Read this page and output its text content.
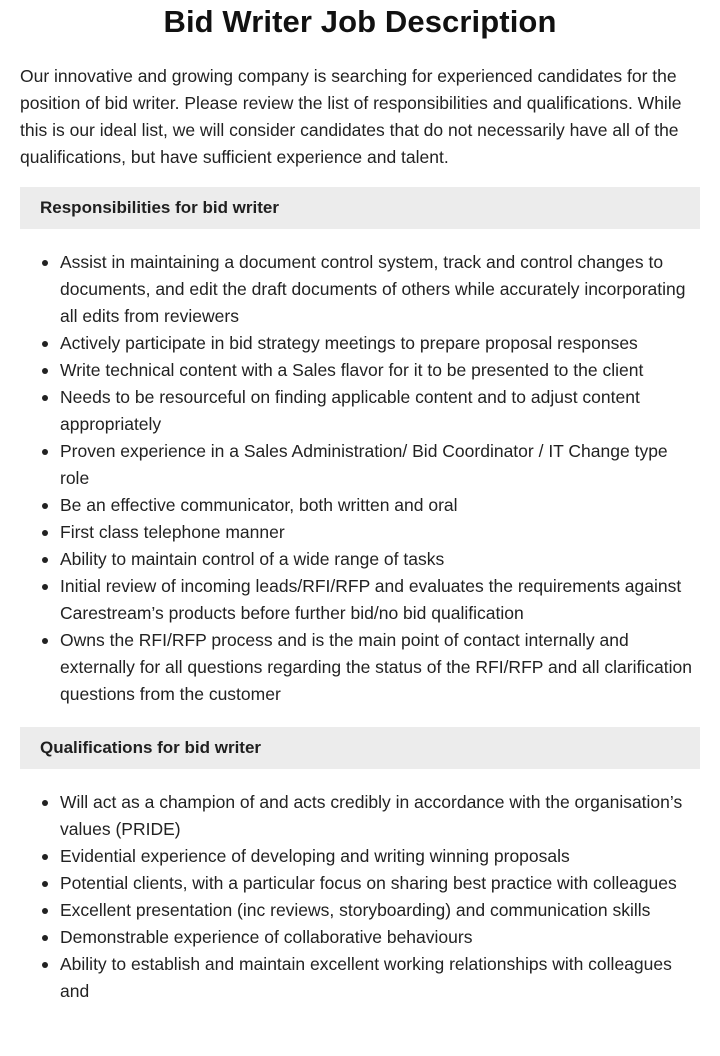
Bid Writer Job Description

Our innovative and growing company is searching for experienced candidates for the position of bid writer. Please review the list of responsibilities and qualifications. While this is our ideal list, we will consider candidates that do not necessarily have all of the qualifications, but have sufficient experience and talent.

Responsibilities for bid writer
Assist in maintaining a document control system, track and control changes to documents, and edit the draft documents of others while accurately incorporating all edits from reviewers
Actively participate in bid strategy meetings to prepare proposal responses
Write technical content with a Sales flavor for it to be presented to the client
Needs to be resourceful on finding applicable content and to adjust content appropriately
Proven experience in a Sales Administration/ Bid Coordinator / IT Change type role
Be an effective communicator, both written and oral
First class telephone manner
Ability to maintain control of a wide range of tasks
Initial review of incoming leads/RFI/RFP and evaluates the requirements against Carestream’s products before further bid/no bid qualification
Owns the RFI/RFP process and is the main point of contact internally and externally for all questions regarding the status of the RFI/RFP and all clarification questions from the customer
Qualifications for bid writer
Will act as a champion of and acts credibly in accordance with the organisation’s values (PRIDE)
Evidential experience of developing and writing winning proposals
Potential clients, with a particular focus on sharing best practice with colleagues
Excellent presentation (inc reviews, storyboarding) and communication skills
Demonstrable experience of collaborative behaviours
Ability to establish and maintain excellent working relationships with colleagues and
